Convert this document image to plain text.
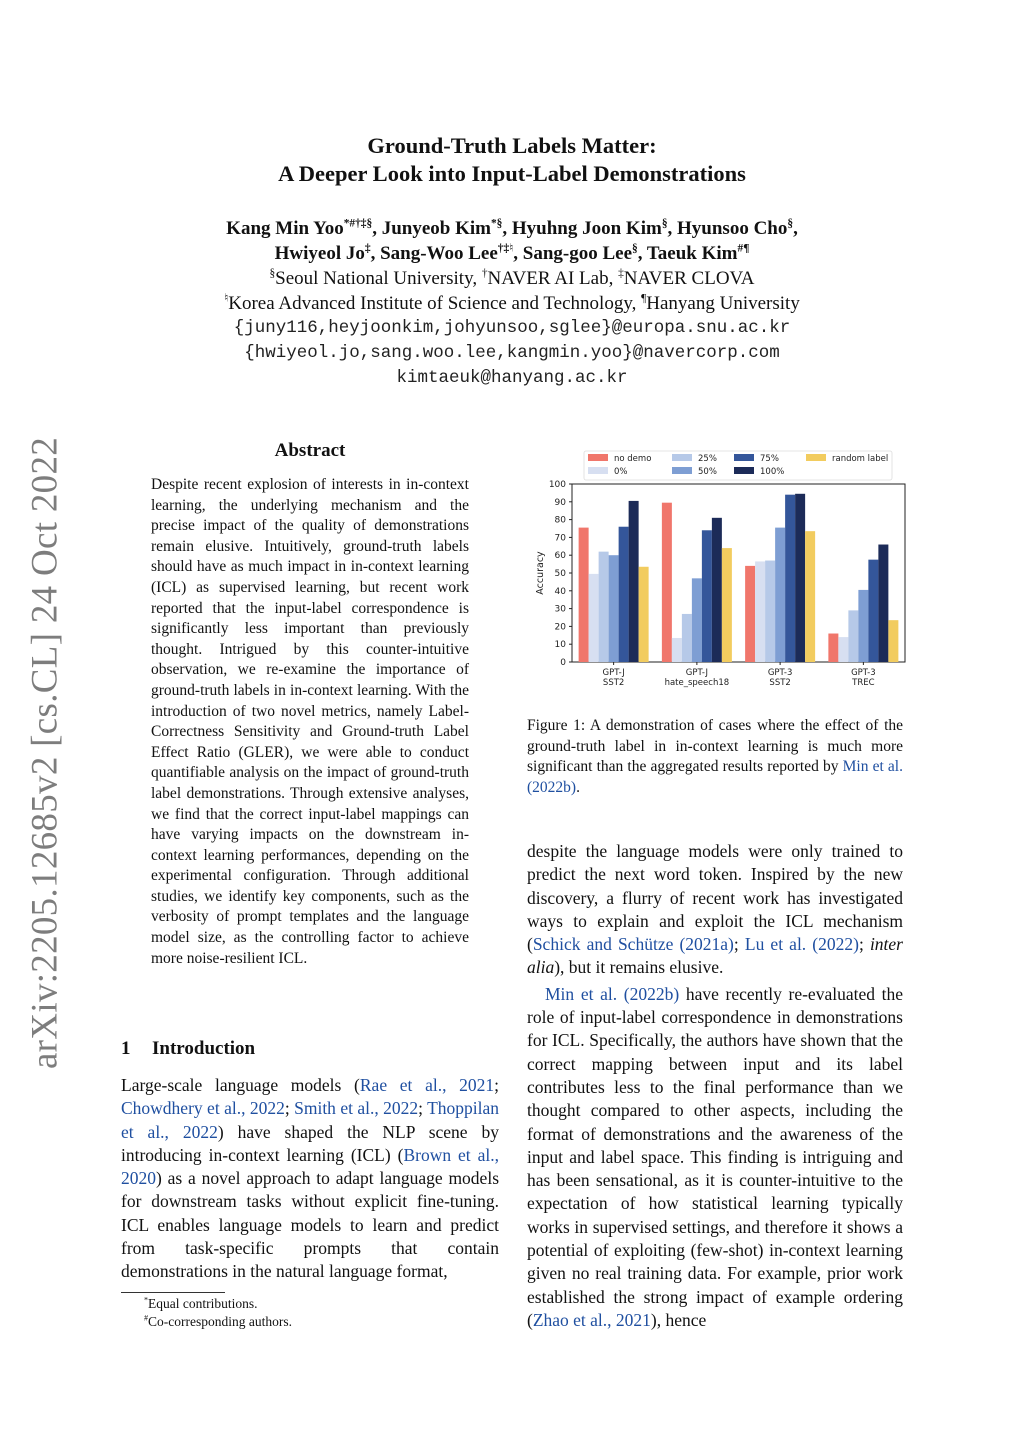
arXiv:2205.12685v2 [cs.CL] 24 Oct 2022
Ground-Truth Labels Matter:
A Deeper Look into Input-Label Demonstrations
Kang Min Yoo*#†‡§, Junyeob Kim*§, Hyuhng Joon Kim§, Hyunsoo Cho§,
Hwiyeol Jo‡, Sang-Woo Lee†‡♮, Sang-goo Lee§, Taeuk Kim#¶
§Seoul National University, †NAVER AI Lab, ‡NAVER CLOVA
♮Korea Advanced Institute of Science and Technology, ¶Hanyang University
{juny116,heyjoonkim,johyunsoo,sglee}@europa.snu.ac.kr
{hwiyeol.jo,sang.woo.lee,kangmin.yoo}@navercorp.com
kimtaeuk@hanyang.ac.kr
Abstract
Despite recent explosion of interests in in-context learning, the underlying mechanism and the precise impact of the quality of demonstrations remain elusive. Intuitively, ground-truth labels should have as much impact in in-context learning (ICL) as supervised learning, but recent work reported that the input-label correspondence is significantly less important than previously thought. Intrigued by this counter-intuitive observation, we re-examine the importance of ground-truth labels in in-context learning. With the introduction of two novel metrics, namely Label-Correctness Sensitivity and Ground-truth Label Effect Ratio (GLER), we were able to conduct quantifiable analysis on the impact of ground-truth label demonstrations. Through extensive analyses, we find that the correct input-label mappings can have varying impacts on the downstream in-context learning performances, depending on the experimental configuration. Through additional studies, we identify key components, such as the verbosity of prompt templates and the language model size, as the controlling factor to achieve more noise-resilient ICL.
1 Introduction
Large-scale language models (Rae et al., 2021; Chowdhery et al., 2022; Smith et al., 2022; Thoppilan et al., 2022) have shaped the NLP scene by introducing in-context learning (ICL) (Brown et al., 2020) as a novel approach to adapt language models for downstream tasks without explicit fine-tuning. ICL enables language models to learn and predict from task-specific prompts that contain demonstrations in the natural language format,
*Equal contributions.
#Co-corresponding authors.
0
10
20
30
40
50
60
70
80
90
100
Accuracy
GPT-J
SST2
GPT-J
hate_speech18
GPT-3
SST2
GPT-3
TREC
no demo
0%
25%
50%
75%
100%
random label
Figure 1: A demonstration of cases where the effect of the ground-truth label in in-context learning is much more significant than the aggregated results reported by Min et al. (2022b).

despite the language models were only trained to predict the next word token. Inspired by the new discovery, a flurry of recent work has investigated ways to explain and exploit the ICL mechanism (Schick and Schütze (2021a); Lu et al. (2022); inter alia), but it remains elusive.

Min et al. (2022b) have recently re-evaluated the role of input-label correspondence in demonstrations for ICL. Specifically, the authors have shown that the correct mapping between input and its label contributes less to the final performance than we thought compared to other aspects, including the format of demonstrations and the awareness of the input and label space. This finding is intriguing and has been sensational, as it is counter-intuitive to the expectation of how statistical learning typically works in supervised settings, and therefore it shows a potential of exploiting (few-shot) in-context learning given no real training data. For example, prior work established the strong impact of example ordering (Zhao et al., 2021), hence
